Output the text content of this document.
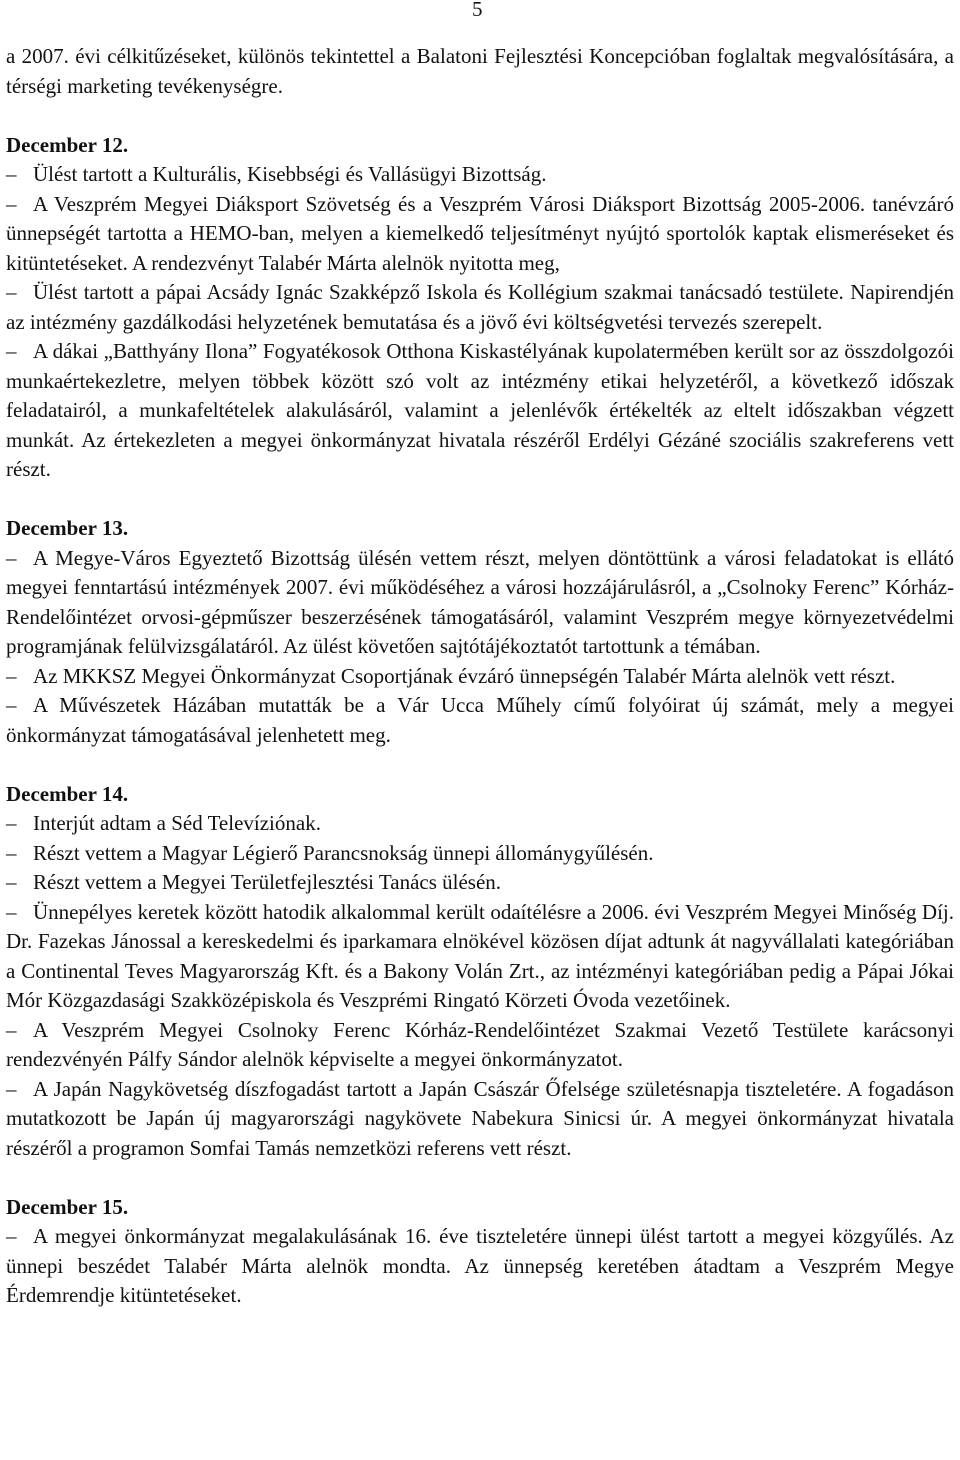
5

a 2007. évi célkitűzéseket, különös tekintettel a Balatoni Fejlesztési Koncepcióban foglaltak megvalósítására, a térségi marketing tevékenységre.

December 12.

– Ülést tartott a Kulturális, Kisebbségi és Vallásügyi Bizottság.

– A Veszprém Megyei Diáksport Szövetség és a Veszprém Városi Diáksport Bizottság 2005-2006. tanévzáró ünnepségét tartotta a HEMO-ban, melyen a kiemelkedő teljesítményt nyújtó sportolók kaptak elismeréseket és kitüntetéseket. A rendezvényt Talabér Márta alelnök nyitotta meg,

– Ülést tartott a pápai Acsády Ignác Szakképző Iskola és Kollégium szakmai tanácsadó testülete. Napirendjén az intézmény gazdálkodási helyzetének bemutatása és a jövő évi költségvetési tervezés szerepelt.

– A dákai „Batthyány Ilona” Fogyatékosok Otthona Kiskastélyának kupolatermében került sor az összdolgozói munkaértekezletre, melyen többek között szó volt az intézmény etikai helyzetéről, a következő időszak feladatairól, a munkafeltételek alakulásáról, valamint a jelenlévők értékelték az eltelt időszakban végzett munkát. Az értekezleten a megyei önkormányzat hivatala részéről Erdélyi Gézáné szociális szakreferens vett részt.

December 13.

– A Megye-Város Egyeztető Bizottság ülésén vettem részt, melyen döntöttünk a városi feladatokat is ellátó megyei fenntartású intézmények 2007. évi működéséhez a városi hozzájárulásról, a „Csolnoky Ferenc” Kórház-Rendelőintézet orvosi-gépműszer beszerzésének támogatásáról, valamint Veszprém megye környezetvédelmi programjának felülvizsgálatáról. Az ülést követően sajtótájékoztatót tartottunk a témában.

– Az MKKSZ Megyei Önkormányzat Csoportjának évzáró ünnepségén Talabér Márta alelnök vett részt.

– A Művészetek Házában mutatták be a Vár Ucca Műhely című folyóirat új számát, mely a megyei önkormányzat támogatásával jelenhetett meg.

December 14.

– Interjút adtam a Séd Televíziónak.

– Részt vettem a Magyar Légierő Parancsnokság ünnepi állománygyűlésén.

– Részt vettem a Megyei Területfejlesztési Tanács ülésén.

– Ünnepélyes keretek között hatodik alkalommal került odaítélésre a 2006. évi Veszprém Megyei Minőség Díj. Dr. Fazekas Jánossal a kereskedelmi és iparkamara elnökével közösen díjat adtunk át nagyvállalati kategóriában a Continental Teves Magyarország Kft. és a Bakony Volán Zrt., az intézményi kategóriában pedig a Pápai Jókai Mór Közgazdasági Szakközépiskola és Veszprémi Ringató Körzeti Óvoda vezetőinek.

– A Veszprém Megyei Csolnoky Ferenc Kórház-Rendelőintézet Szakmai Vezető Testülete karácsonyi rendezvényén Pálfy Sándor alelnök képviselte a megyei önkormányzatot.

– A Japán Nagykövetség díszfogadást tartott a Japán Császár Őfelsége születésnapja tiszteletére. A fogadáson mutatkozott be Japán új magyarországi nagykövete Nabekura Sinicsi úr. A megyei önkormányzat hivatala részéről a programon Somfai Tamás nemzetközi referens vett részt.

December 15.

– A megyei önkormányzat megalakulásának 16. éve tiszteletére ünnepi ülést tartott a megyei közgyűlés. Az ünnepi beszédet Talabér Márta alelnök mondta. Az ünnepség keretében átadtam a Veszprém Megye Érdemrendje kitüntetéseket.
